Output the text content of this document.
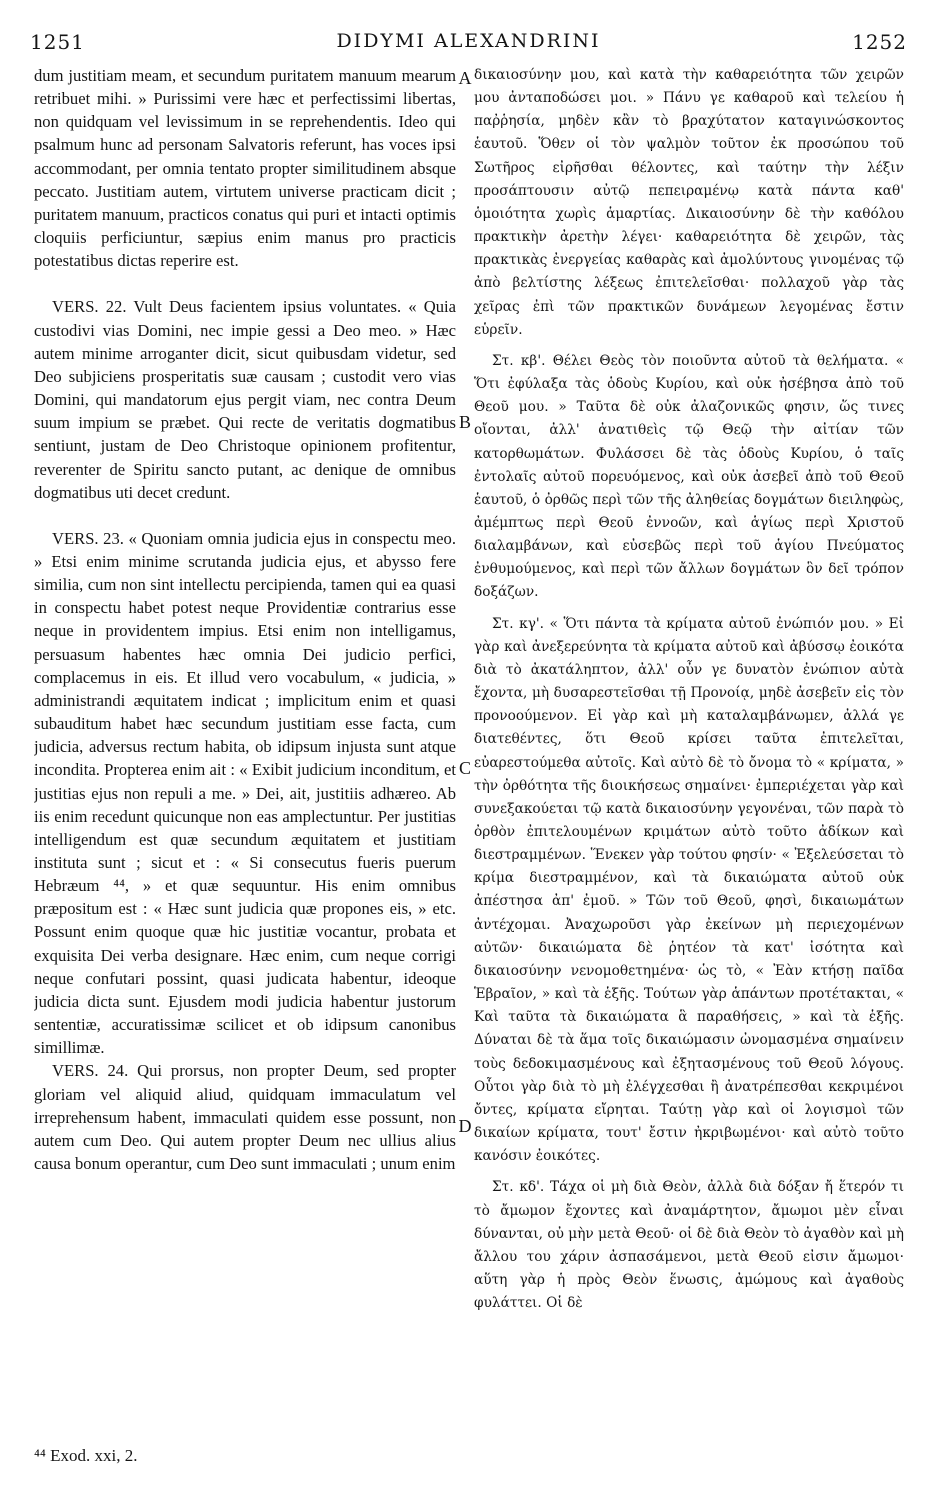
1251	DIDYMI ALEXANDRINI	1252

dum justitiam meam, et secundum puritatem manuum mearum retribuet mihi. » Purissimi vere hæc et perfectissimi libertas, non quidquam vel levissimum in se reprehendentis. Ideo qui psalmum hunc ad personam Salvatoris referunt, has voces ipsi accommodant, per omnia tentato propter similitudinem absque peccato. Justitiam autem, virtutem universe practicam dicit ; puritatem manuum, practicos conatus qui puri et intacti optimis cloquiis perficiuntur, sæpius enim manus pro practicis potestatibus dictas reperire est.

VERS. 22. Vult Deus facientem ipsius voluntates. « Quia custodivi vias Domini, nec impie gessi a Deo meo. » Hæc autem minime arroganter dicit, sicut quibusdam videtur, sed Deo subjiciens prosperitatis suæ causam ; custodit vero vias Domini, qui mandatorum ejus pergit viam, nec contra Deum suum impium se præbet. Qui recte de veritatis dogmatibus sentiunt, justam de Deo Christoque opinionem profitentur, reverenter de Spiritu sancto putant, ac denique de omnibus dogmatibus uti decet credunt.

VERS. 23. « Quoniam omnia judicia ejus in conspectu meo. » Etsi enim minime scrutanda judicia ejus, et abysso fere similia, cum non sint intellectu percipienda, tamen qui ea quasi in conspectu habet potest neque Providentiæ contrarius esse neque in providentem impius. Etsi enim non intelligamus, persuasum habentes hæc omnia Dei judicio perfici, complacemus in eis. Et illud vero vocabulum, « judicia, » administrandi æquitatem indicat ; implicitum enim et quasi subauditum habet hæc secundum justitiam esse facta, cum judicia, adversus rectum habita, ob idipsum injusta sunt atque incondita. Propterea enim ait : « Exibit judicium inconditum, et justitias ejus non repuli a me. » Dei, ait, justitiis adhæreo. Ab iis enim recedunt quicunque non eas amplectuntur. Per justitias intelligendum est quæ secundum æquitatem et justitiam instituta sunt ; sicut et : « Si consecutus fueris puerum Hebræum ⁴⁴, » et quæ sequuntur. His enim omnibus præpositum est : « Hæc sunt judicia quæ propones eis, » etc. Possunt enim quoque quæ hic justitiæ vocantur, probata et exquisita Dei verba designare. Hæc enim, cum neque corrigi neque confutari possint, quasi judicata habentur, ideoque judicia dicta sunt. Ejusdem modi judicia habentur justorum sententiæ, accuratissimæ scilicet et ob idipsum canonibus simillimæ.

VERS. 24. Qui prorsus, non propter Deum, sed propter gloriam vel aliquid aliud, quidquam immaculatum vel irreprehensum habent, immaculati quidem esse possunt, non autem cum Deo. Qui autem propter Deum nec ullius alius causa bonum operantur, cum Deo sunt immaculati ; unum enim

δικαιοσύνην μου, καὶ κατὰ τὴν καθαρειότητα τῶν χειρῶν μου ἀνταποδώσει μοι. » Πάνυ γε καθαροῦ καὶ τελείου ἡ παῤῥησία, μηδὲν κἂν τὸ βραχύτατον καταγινώσκοντος ἑαυτοῦ. Ὅθεν οἱ τὸν ψαλμὸν τοῦτον ἐκ προσώπου τοῦ Σωτῆρος εἰρῆσθαι θέλοντες, καὶ ταύτην τὴν λέξιν προσάπτουσιν αὐτῷ πεπειραμένῳ κατὰ πάντα καθ' ὁμοιότητα χωρὶς ἁμαρτίας. Δικαιοσύνην δὲ τὴν καθόλου πρακτικὴν ἀρετὴν λέγει· καθαρειότητα δὲ χειρῶν, τὰς πρακτικὰς ἐνεργείας καθαρὰς καὶ ἀμολύντους γινομένας τῷ ἀπὸ βελτίστης λέξεως ἐπιτελεῖσθαι· πολλαχοῦ γὰρ τὰς χεῖρας ἐπὶ τῶν πρακτικῶν δυνάμεων λεγομένας ἔστιν εὑρεῖν.

Στ. κβ'. Θέλει Θεὸς τὸν ποιοῦντα αὐτοῦ τὰ θελήματα. « Ὅτι ἐφύλαξα τὰς ὁδοὺς Κυρίου, καὶ οὐκ ἠσέβησα ἀπὸ τοῦ Θεοῦ μου. » Ταῦτα δὲ οὐκ ἀλαζονικῶς φησιν, ὥς τινες οἴονται, ἀλλ' ἀνατιθεὶς τῷ Θεῷ τὴν αἰτίαν τῶν κατορθωμάτων. Φυλάσσει δὲ τὰς ὁδοὺς Κυρίου, ὁ ταῖς ἐντολαῖς αὐτοῦ πορευόμενος, καὶ οὐκ ἀσεβεῖ ἀπὸ τοῦ Θεοῦ ἑαυτοῦ, ὁ ὀρθῶς περὶ τῶν τῆς ἀληθείας δογμάτων διειληφὼς, ἀμέμπτως περὶ Θεοῦ ἐννοῶν, καὶ ἁγίως περὶ Χριστοῦ διαλαμβάνων, καὶ εὐσεβῶς περὶ τοῦ ἁγίου Πνεύματος ἐνθυμούμενος, καὶ περὶ τῶν ἄλλων δογμάτων ὃν δεῖ τρόπον δοξάζων.

Στ. κγ'. « Ὅτι πάντα τὰ κρίματα αὐτοῦ ἐνώπιόν μου. » Εἰ γὰρ καὶ ἀνεξερεύνητα τὰ κρίματα αὐτοῦ καὶ ἀβύσσῳ ἐοικότα διὰ τὸ ἀκατάληπτον, ἀλλ' οὖν γε δυνατὸν ἐνώπιον αὐτὰ ἔχοντα, μὴ δυσαρεστεῖσθαι τῇ Προνοίᾳ, μηδὲ ἀσεβεῖν εἰς τὸν προνοούμενον. Εἰ γὰρ καὶ μὴ καταλαμβάνωμεν, ἀλλά γε διατεθέντες, ὅτι Θεοῦ κρίσει ταῦτα ἐπιτελεῖται, εὐαρεστούμεθα αὐτοῖς. Καὶ αὐτὸ δὲ τὸ ὄνομα τὸ « κρίματα, » τὴν ὀρθότητα τῆς διοικήσεως σημαίνει· ἐμπεριέχεται γὰρ καὶ συνεξακούεται τῷ κατὰ δικαιοσύνην γεγονέναι, τῶν παρὰ τὸ ὀρθὸν ἐπιτελουμένων κριμάτων αὐτὸ τοῦτο ἀδίκων καὶ διεστραμμένων. Ἕνεκεν γὰρ τούτου φησίν· « Ἐξελεύσεται τὸ κρίμα διεστραμμένον, καὶ τὰ δικαιώματα αὐτοῦ οὐκ ἀπέστησα ἀπ' ἐμοῦ. » Τῶν τοῦ Θεοῦ, φησὶ, δικαιωμάτων ἀντέχομαι. Ἀναχωροῦσι γὰρ ἐκείνων μὴ περιεχομένων αὐτῶν· δικαιώματα δὲ ῥητέον τὰ κατ' ἰσότητα καὶ δικαιοσύνην νενομοθετημένα· ὡς τὸ, « Ἐὰν κτήσῃ παῖδα Ἑβραῖον, » καὶ τὰ ἑξῆς. Τούτων γὰρ ἁπάντων προτέτακται, « Καὶ ταῦτα τὰ δικαιώματα ἃ παραθήσεις, » καὶ τὰ ἑξῆς. Δύναται δὲ τὰ ἅμα τοῖς δικαιώμασιν ὠνομασμένα σημαίνειν τοὺς δεδοκιμασμένους καὶ ἐξητασμένους τοῦ Θεοῦ λόγους. Οὗτοι γὰρ διὰ τὸ μὴ ἐλέγχεσθαι ἢ ἀνατρέπεσθαι κεκριμένοι ὄντες, κρίματα εἴρηται. Ταύτῃ γὰρ καὶ οἱ λογισμοὶ τῶν δικαίων κρίματα, τουτ' ἔστιν ἠκριβωμένοι· καὶ αὐτὸ τοῦτο κανόσιν ἐοικότες.

Στ. κδ'. Τάχα οἱ μὴ διὰ Θεὸν, ἀλλὰ διὰ δόξαν ἤ ἕτερόν τι τὸ ἄμωμον ἔχοντες καὶ ἀναμάρτητον, ἄμωμοι μὲν εἶναι δύνανται, οὐ μὴν μετὰ Θεοῦ· οἱ δὲ διὰ Θεὸν τὸ ἀγαθὸν καὶ μὴ ἄλλου του χάριν ἀσπασάμενοι, μετὰ Θεοῦ εἰσιν ἄμωμοι· αὕτη γὰρ ἡ πρὸς Θεὸν ἕνωσις, ἀμώμους καὶ ἀγαθοὺς φυλάττει. Οἱ δὲ

A
B
C
D
⁴⁴ Exod. xxi, 2.
